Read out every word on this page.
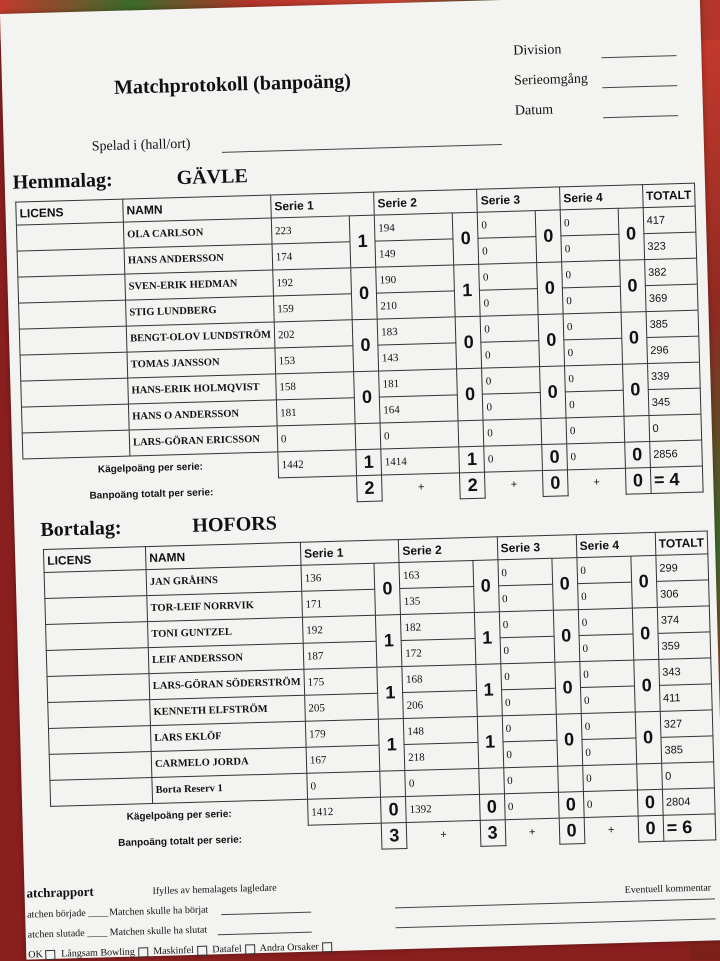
Matchprotokoll (banpoäng)
Division
Serieomgång
Datum
Spelad i (hall/ort)
Hemmalag:	GÄVLE
LICENS	NAMN	Serie 1		Serie 2		Serie 3		Serie 4		TOTALT
	OLA CARLSON	223	1	194	0	0	0	0	0	417
	HANS ANDERSSON	174		149		0		0		323
	SVEN-ERIK HEDMAN	192	0	190	1	0	0	0	0	382
	STIG LUNDBERG	159		210		0		0		369
	BENGT-OLOV LUNDSTRÖM	202	0	183	0	0	0	0	0	385
	TOMAS JANSSON	153		143		0		0		296
	HANS-ERIK HOLMQVIST	158	0	181	0	0	0	0	0	339
	HANS O ANDERSSON	181		164		0		0		345
	LARS-GÖRAN ERICSSON	0		0		0		0		0
Kägelpoäng per serie:		1442	1	1414	1	0	0	0	0	2856
Banpoäng totalt per serie:			2	+	2	+	0	+	0	= 4
Bortalag:	HOFORS
LICENS	NAMN	Serie 1		Serie 2		Serie 3		Serie 4		TOTALT
	JAN GRÅHNS	136	0	163	0	0	0	0	0	299
	TOR-LEIF NORRVIK	171		135		0		0		306
	TONI GUNTZEL	192	1	182	1	0	0	0	0	374
	LEIF ANDERSSON	187		172		0		0		359
	LARS-GÖRAN SÖDERSTRÖM	175	1	168	1	0	0	0	0	343
	KENNETH ELFSTRÖM	205		206		0		0		411
	LARS EKLÖF	179	1	148	1	0	0	0	0	327
	CARMELO JORDA	167		218		0		0		385
	Borta Reserv 1	0		0		0		0		0
Kägelpoäng per serie:		1412	0	1392	0	0	0	0	0	2804
Banpoäng totalt per serie:			3	+	3	+	0	+	0	= 6
atchrapport	Ifylles av hemalagets lagledare	Eventuell kommentar
atchen började ____ Matchen skulle ha börjat
atchen slutade ____ Matchen skulle ha slutat
OK Långsam Bowling Maskinfel Datafel Andra Orsaker
